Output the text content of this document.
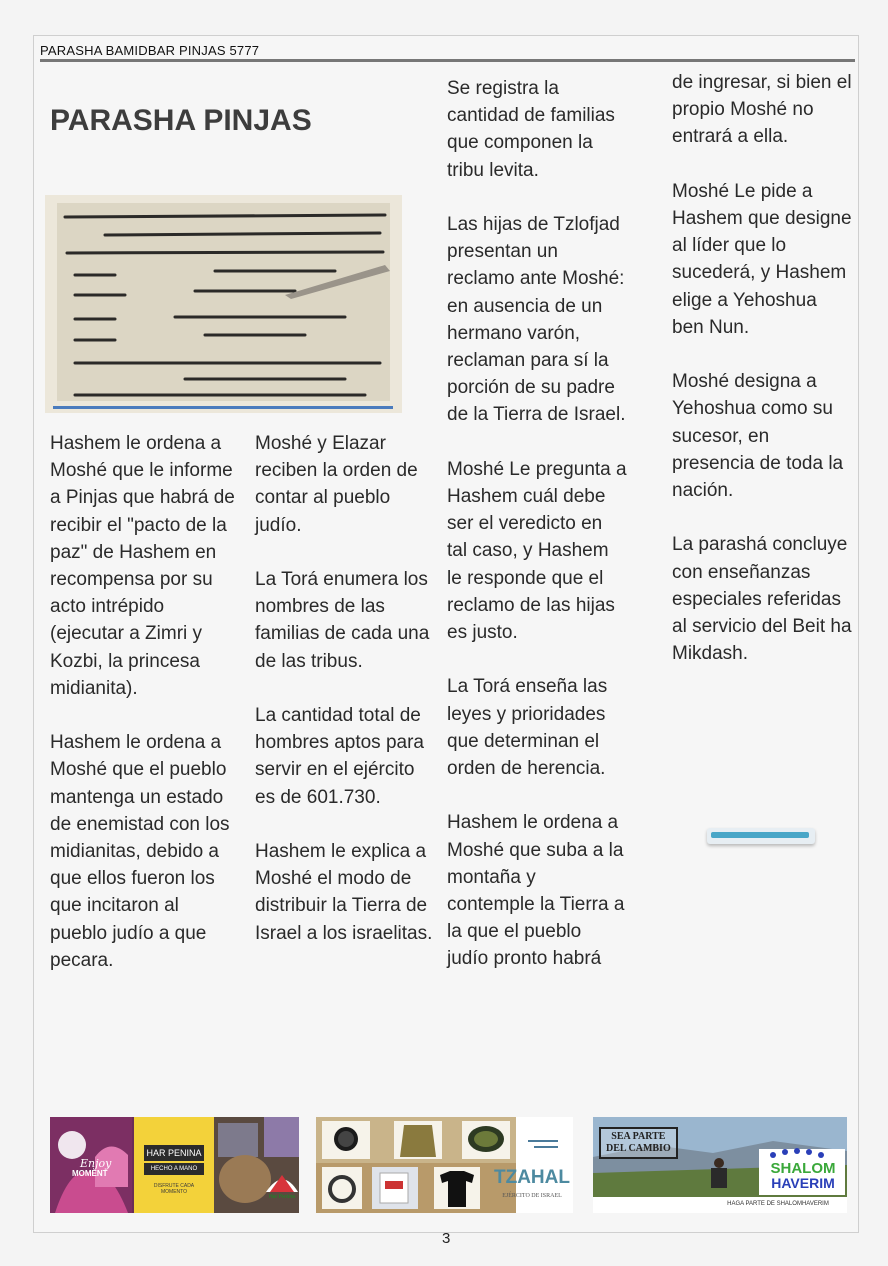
PARASHA BAMIDBAR PINJAS 5777
PARASHA PINJAS

Hashem le ordena a Moshé que le informe a Pinjas que habrá de recibir el "pacto de la paz" de Hashem en recompensa por su acto intrépido (ejecutar a Zimri y Kozbi, la princesa midianita).

Hashem le ordena a Moshé que el pueblo mantenga un estado de enemistad con los midianitas, debido a que ellos fueron los que incitaron al pueblo judío a que pecara.

Moshé y Elazar reciben la orden de contar al pueblo judío.

La Torá enumera los nombres de las familias de cada una de las tribus.

La cantidad total de hombres aptos para servir en el ejército es de 601.730.

Hashem le explica a Moshé el modo de distribuir la Tierra de Israel a los israelitas.

Se registra la cantidad de familias que componen la tribu levita.

Las hijas de Tzlofjad presentan un reclamo ante Moshé: en ausencia de un hermano varón, reclaman para sí la porción de su padre de la Tierra de Israel.

Moshé Le pregunta a Hashem cuál debe ser el veredicto en tal caso, y Hashem le responde que el reclamo de las hijas es justo.

La Torá enseña las leyes y prioridades que determinan el orden de herencia.

Hashem le ordena a Moshé que suba a la montaña y contemple la Tierra a la que el pueblo judío pronto habrá

de ingresar, si bien el propio Moshé no entrará a ella.

Moshé Le pide a Hashem que designe al líder que lo sucederá, y Hashem elige a Yehoshua ben Nun.

Moshé designa a Yehoshua como su sucesor, en presencia de toda la nación.

La parashá concluye con enseñanzas especiales referidas al servicio del Beit ha Mikdash.

Enjoy
MOMENT
HAR PENINA
HECHO A MANO
DISFRUTE CADA MOMENTO
Har Penina
TZAHAL
EJÉRCITO DE ISRAEL
SEA PARTE
DEL CAMBIO
SHALOM
HAVERIM
HAGA PARTE DE SHALOMHAVERIM
3
